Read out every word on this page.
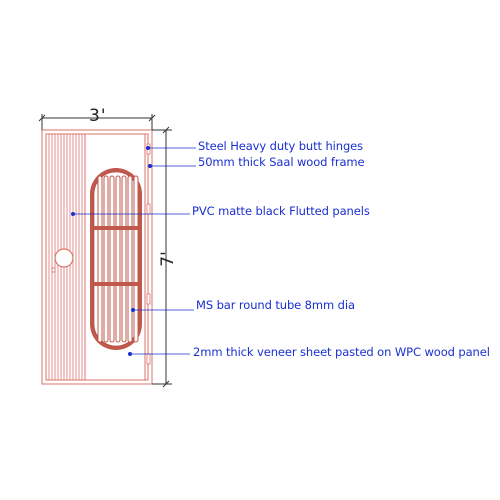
3'
7'
Steel Heavy duty butt hinges
50mm thick Saal wood frame
PVC matte black Flutted panels
MS bar round tube 8mm dia
2mm thick veneer sheet pasted on WPC wood panel
